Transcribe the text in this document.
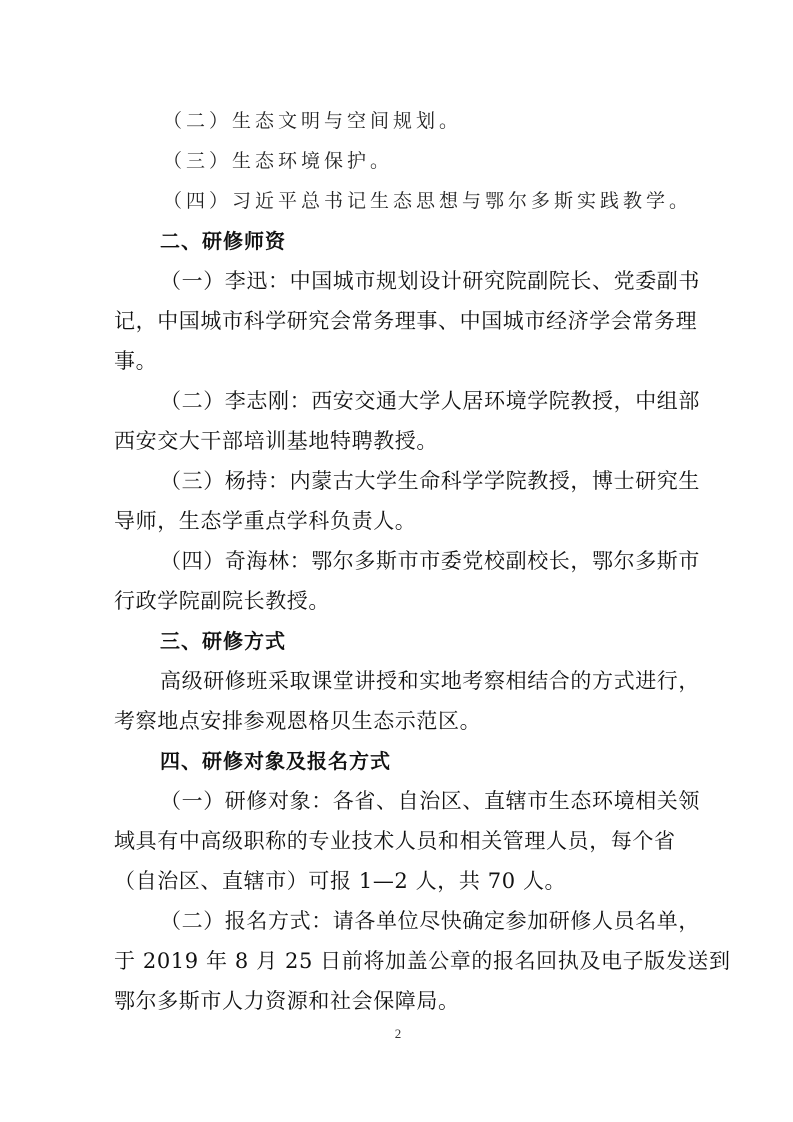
（二）生态文明与空间规划。
（三）生态环境保护。
（四）习近平总书记生态思想与鄂尔多斯实践教学。
二、研修师资
（一）李迅：中国城市规划设计研究院副院长、党委副书
记，中国城市科学研究会常务理事、中国城市经济学会常务理
事。
（二）李志刚：西安交通大学人居环境学院教授，中组部
西安交大干部培训基地特聘教授。
（三）杨持：内蒙古大学生命科学学院教授，博士研究生
导师，生态学重点学科负责人。
（四）奇海林：鄂尔多斯市市委党校副校长，鄂尔多斯市
行政学院副院长教授。
三、研修方式
高级研修班采取课堂讲授和实地考察相结合的方式进行，
考察地点安排参观恩格贝生态示范区。
四、研修对象及报名方式
（一）研修对象：各省、自治区、直辖市生态环境相关领
域具有中高级职称的专业技术人员和相关管理人员，每个省
（自治区、直辖市）可报 1—2 人，共 70 人。
（二）报名方式：请各单位尽快确定参加研修人员名单，
于 2019 年 8 月 25 日前将加盖公章的报名回执及电子版发送到
鄂尔多斯市人力资源和社会保障局。
2
